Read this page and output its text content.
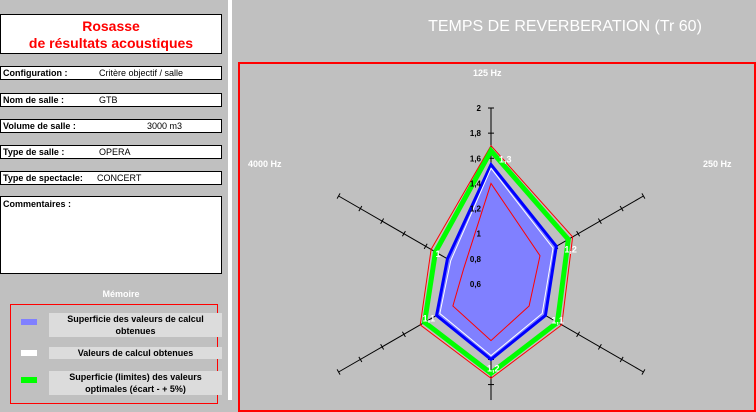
Rosasse
de résultats acoustiques
Configuration :	Critère objectif / salle
Nom de salle :	GTB
Volume de salle :	3000 m3
Type de salle :	OPERA
Type de spectacle: CONCERT
Commentaires :
Mémoire
Superficie des valeurs de calcul obtenues
Valeurs de calcul obtenues
Superficie (limites) des valeurs optimales (écart - + 5%)
TEMPS DE REVERBERATION (Tr 60)
0,6
0,8
1
1,2
1,4
1,6
1,8
2
1,3
1,2
1,1
1,2
1,1
1
125 Hz
250 Hz
4000 Hz
